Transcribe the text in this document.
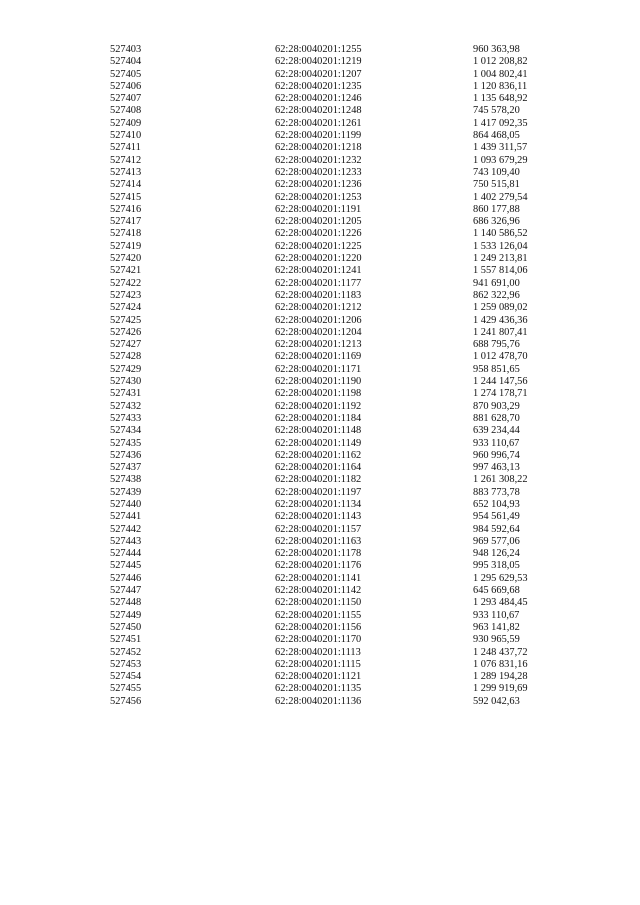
527403	62:28:0040201:1255	960 363,98
527404	62:28:0040201:1219	1 012 208,82
527405	62:28:0040201:1207	1 004 802,41
527406	62:28:0040201:1235	1 120 836,11
527407	62:28:0040201:1246	1 135 648,92
527408	62:28:0040201:1248	745 578,20
527409	62:28:0040201:1261	1 417 092,35
527410	62:28:0040201:1199	864 468,05
527411	62:28:0040201:1218	1 439 311,57
527412	62:28:0040201:1232	1 093 679,29
527413	62:28:0040201:1233	743 109,40
527414	62:28:0040201:1236	750 515,81
527415	62:28:0040201:1253	1 402 279,54
527416	62:28:0040201:1191	860 177,88
527417	62:28:0040201:1205	686 326,96
527418	62:28:0040201:1226	1 140 586,52
527419	62:28:0040201:1225	1 533 126,04
527420	62:28:0040201:1220	1 249 213,81
527421	62:28:0040201:1241	1 557 814,06
527422	62:28:0040201:1177	941 691,00
527423	62:28:0040201:1183	862 322,96
527424	62:28:0040201:1212	1 259 089,02
527425	62:28:0040201:1206	1 429 436,36
527426	62:28:0040201:1204	1 241 807,41
527427	62:28:0040201:1213	688 795,76
527428	62:28:0040201:1169	1 012 478,70
527429	62:28:0040201:1171	958 851,65
527430	62:28:0040201:1190	1 244 147,56
527431	62:28:0040201:1198	1 274 178,71
527432	62:28:0040201:1192	870 903,29
527433	62:28:0040201:1184	881 628,70
527434	62:28:0040201:1148	639 234,44
527435	62:28:0040201:1149	933 110,67
527436	62:28:0040201:1162	960 996,74
527437	62:28:0040201:1164	997 463,13
527438	62:28:0040201:1182	1 261 308,22
527439	62:28:0040201:1197	883 773,78
527440	62:28:0040201:1134	652 104,93
527441	62:28:0040201:1143	954 561,49
527442	62:28:0040201:1157	984 592,64
527443	62:28:0040201:1163	969 577,06
527444	62:28:0040201:1178	948 126,24
527445	62:28:0040201:1176	995 318,05
527446	62:28:0040201:1141	1 295 629,53
527447	62:28:0040201:1142	645 669,68
527448	62:28:0040201:1150	1 293 484,45
527449	62:28:0040201:1155	933 110,67
527450	62:28:0040201:1156	963 141,82
527451	62:28:0040201:1170	930 965,59
527452	62:28:0040201:1113	1 248 437,72
527453	62:28:0040201:1115	1 076 831,16
527454	62:28:0040201:1121	1 289 194,28
527455	62:28:0040201:1135	1 299 919,69
527456	62:28:0040201:1136	592 042,63
